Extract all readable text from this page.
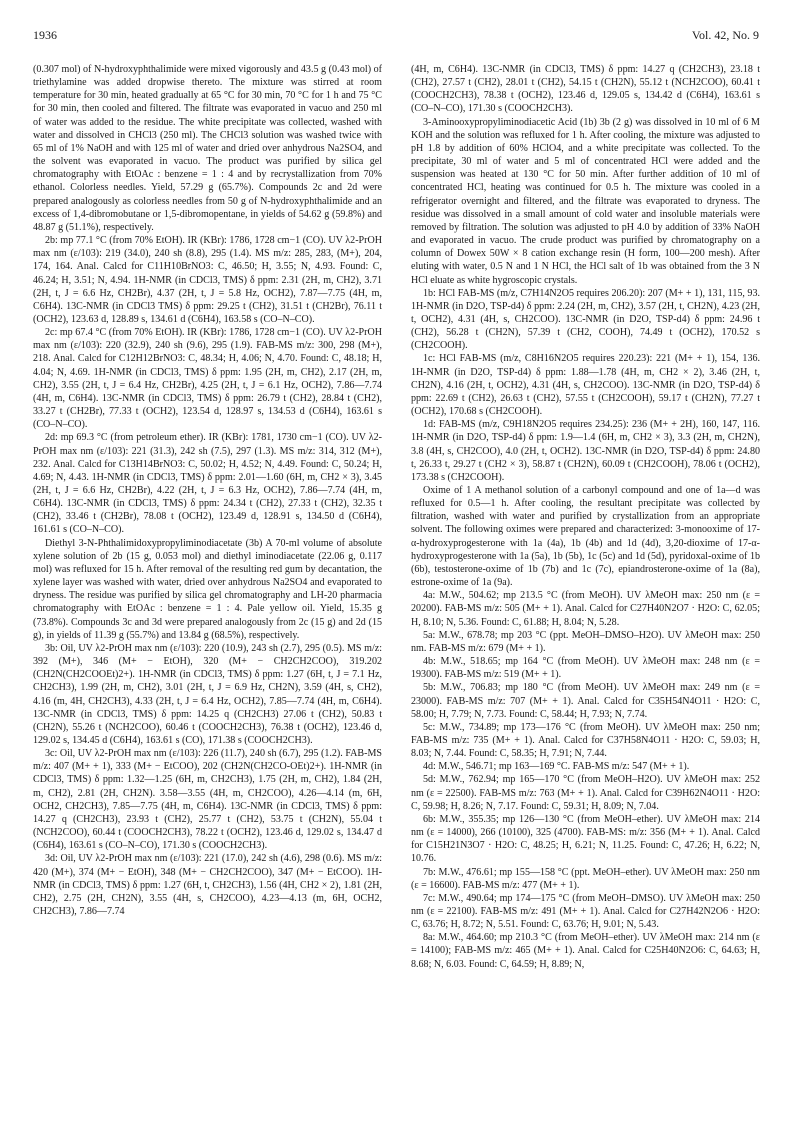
1936	Vol. 42, No. 9

(0.307 mol) of N-hydroxyphthalimide were mixed vigorously and 43.5 g (0.43 mol) of triethylamine was added dropwise thereto. The mixture was stirred at room temperature for 30 min, heated gradually at 65 °C for 30 min, 70 °C for 1 h and 75 °C for 30 min, then cooled and filtered. The filtrate was evaporated in vacuo and 250 ml of water was added to the residue. The white precipitate was collected, washed with water and dissolved in CHCl3 (250 ml). The CHCl3 solution was washed twice with 65 ml of 1% NaOH and with 125 ml of water and dried over anhydrous Na2SO4, and the solvent was evaporated in vacuo. The product was purified by silica gel chromatography with EtOAc : benzene = 1 : 4 and by recrystallization from 70% ethanol. Colorless needles. Yield, 57.29 g (65.7%). Compounds 2c and 2d were prepared analogously as colorless needles from 50 g of N-hydroxyphthalimide and an excess of 1,4-dibromobutane or 1,5-dibromopentane, in yields of 54.62 g (59.8%) and 48.87 g (51.1%), respectively.

2b: mp 77.1 °C (from 70% EtOH). IR (KBr): 1786, 1728 cm−1 (CO). UV λ2-PrOH max nm (ε/103): 219 (34.0), 240 sh (8.8), 295 (1.4). MS m/z: 285, 283, (M+), 204, 174, 164. Anal. Calcd for C11H10BrNO3: C, 46.50; H, 3.55; N, 4.93. Found: C, 46.24; H, 3.51; N, 4.94. 1H-NMR (in CDCl3, TMS) δ ppm: 2.31 (2H, m, CH2), 3.71 (2H, t, J = 6.6 Hz, CH2Br), 4.37 (2H, t, J = 5.8 Hz, OCH2), 7.87—7.75 (4H, m, C6H4). 13C-NMR (in CDCl3 TMS) δ ppm: 29.25 t (CH2), 31.51 t (CH2Br), 76.11 t (OCH2), 123.63 d, 128.89 s, 134.61 d (C6H4), 163.58 s (CO–N–CO).

2c: mp 67.4 °C (from 70% EtOH). IR (KBr): 1786, 1728 cm−1 (CO). UV λ2-PrOH max nm (ε/103): 220 (32.9), 240 sh (9.6), 295 (1.9). FAB-MS m/z: 300, 298 (M+), 218. Anal. Calcd for C12H12BrNO3: C, 48.34; H, 4.06; N, 4.70. Found: C, 48.18; H, 4.04; N, 4.69. 1H-NMR (in CDCl3, TMS) δ ppm: 1.95 (2H, m, CH2), 2.17 (2H, m, CH2), 3.55 (2H, t, J = 6.4 Hz, CH2Br), 4.25 (2H, t, J = 6.1 Hz, OCH2), 7.86—7.74 (4H, m, C6H4). 13C-NMR (in CDCl3, TMS) δ ppm: 26.79 t (CH2), 28.84 t (CH2), 33.27 t (CH2Br), 77.33 t (OCH2), 123.54 d, 128.97 s, 134.53 d (C6H4), 163.61 s (CO–N–CO).

2d: mp 69.3 °C (from petroleum ether). IR (KBr): 1781, 1730 cm−1 (CO). UV λ2-PrOH max nm (ε/103): 221 (31.3), 242 sh (7.5), 297 (1.3). MS m/z: 314, 312 (M+), 232. Anal. Calcd for C13H14BrNO3: C, 50.02; H, 4.52; N, 4.49. Found: C, 50.24; H, 4.69; N, 4.43. 1H-NMR (in CDCl3, TMS) δ ppm: 2.01—1.60 (6H, m, CH2 × 3), 3.45 (2H, t, J = 6.6 Hz, CH2Br), 4.22 (2H, t, J = 6.3 Hz, OCH2), 7.86—7.74 (4H, m, C6H4). 13C-NMR (in CDCl3, TMS) δ ppm: 24.34 t (CH2), 27.33 t (CH2), 32.35 t (CH2), 33.46 t (CH2Br), 78.08 t (OCH2), 123.49 d, 128.91 s, 134.50 d (C6H4), 161.61 s (CO–N–CO).

Diethyl 3-N-Phthalimidoxypropyliminodiacetate (3b) A 70-ml volume of absolute xylene solution of 2b (15 g, 0.053 mol) and diethyl iminodiacetate (22.06 g, 0.117 mol) was refluxed for 15 h. After removal of the resulting red gum by decantation, the xylene layer was washed with water, dried over anhydrous Na2SO4 and evaporated to dryness. The residue was purified by silica gel chromatography and LH-20 pharmacia chromatography with EtOAc : benzene = 1 : 4. Pale yellow oil. Yield, 15.35 g (73.8%). Compounds 3c and 3d were prepared analogously from 2c (15 g) and 2d (15 g), in yields of 11.39 g (55.7%) and 13.84 g (68.5%), respectively.

3b: Oil, UV λ2-PrOH max nm (ε/103): 220 (10.9), 243 sh (2.7), 295 (0.5). MS m/z: 392 (M+), 346 (M+ − EtOH), 320 (M+ − CH2CH2COO), 319.202 (CH2N(CH2COOEt)2+). 1H-NMR (in CDCl3, TMS) δ ppm: 1.27 (6H, t, J = 7.1 Hz, CH2CH3), 1.99 (2H, m, CH2), 3.01 (2H, t, J = 6.9 Hz, CH2N), 3.59 (4H, s, CH2), 4.16 (m, 4H, CH2CH3), 4.33 (2H, t, J = 6.4 Hz, OCH2), 7.85—7.74 (4H, m, C6H4). 13C-NMR (in CDCl3, TMS) δ ppm: 14.25 q (CH2CH3) 27.06 t (CH2), 50.83 t (CH2N), 55.26 t (NCH2COO), 60.46 t (COOCH2CH3), 76.38 t (OCH2), 123.46 d, 129.02 s, 134.45 d (C6H4), 163.61 s (CO), 171.38 s (COOCH2CH3).

3c: Oil, UV λ2-PrOH max nm (ε/103): 226 (11.7), 240 sh (6.7), 295 (1.2). FAB-MS m/z: 407 (M+ + 1), 333 (M+ − EtCOO), 202 (CH2N(CH2CO-OEt)2+). 1H-NMR (in CDCl3, TMS) δ ppm: 1.32—1.25 (6H, m, CH2CH3), 1.75 (2H, m, CH2), 1.84 (2H, m, CH2), 2.81 (2H, CH2N). 3.58—3.55 (4H, m, CH2COO), 4.26—4.14 (m, 6H, OCH2, CH2CH3), 7.85—7.75 (4H, m, C6H4). 13C-NMR (in CDCl3, TMS) δ ppm: 14.27 q (CH2CH3), 23.93 t (CH2), 25.77 t (CH2), 53.75 t (CH2N), 55.04 t (NCH2COO), 60.44 t (COOCH2CH3), 78.22 t (OCH2), 123.46 d, 129.02 s, 134.47 d (C6H4), 163.61 s (CO–N–CO), 171.30 s (COOCH2CH3).

3d: Oil, UV λ2-PrOH max nm (ε/103): 221 (17.0), 242 sh (4.6), 298 (0.6). MS m/z: 420 (M+), 374 (M+ − EtOH), 348 (M+ − CH2CH2COO), 347 (M+ − EtCOO). 1H-NMR (in CDCl3, TMS) δ ppm: 1.27 (6H, t, CH2CH3), 1.56 (4H, CH2 × 2), 1.81 (2H, CH2), 2.75 (2H, CH2N), 3.55 (4H, s, CH2COO), 4.23—4.13 (m, 6H, OCH2, CH2CH3), 7.86—7.74

(4H, m, C6H4). 13C-NMR (in CDCl3, TMS) δ ppm: 14.27 q (CH2CH3), 23.18 t (CH2), 27.57 t (CH2), 28.01 t (CH2), 54.15 t (CH2N), 55.12 t (NCH2COO), 60.41 t (COOCH2CH3), 78.38 t (OCH2), 123.46 d, 129.05 s, 134.42 d (C6H4), 163.61 s (CO–N–CO), 171.30 s (COOCH2CH3).

3-Aminooxypropyliminodiacetic Acid (1b) 3b (2 g) was dissolved in 10 ml of 6 M KOH and the solution was refluxed for 1 h. After cooling, the mixture was adjusted to pH 1.8 by addition of 60% HClO4, and a white precipitate was collected. To the precipitate, 30 ml of water and 5 ml of concentrated HCl were added and the suspension was heated at 130 °C for 50 min. After further addition of 10 ml of concentrated HCl, heating was continued for 0.5 h. The mixture was cooled in a refrigerator overnight and filtered, and the filtrate was evaporated to dryness. The residue was dissolved in a small amount of cold water and insoluble materials were removed by filtration. The solution was adjusted to pH 4.0 by addition of 33% NaOH and evaporated in vacuo. The crude product was purified by chromatography on a column of Dowex 50W × 8 cation exchange resin (H form, 100—200 mesh). After eluting with water, 0.5 N and 1 N HCl, the HCl salt of 1b was obtained from the 3 N HCl eluate as white hygroscopic crystals.

1b: HCl FAB-MS (m/z, C7H14N2O5 requires 206.20): 207 (M+ + 1), 131, 115, 93. 1H-NMR (in D2O, TSP-d4) δ ppm: 2.24 (2H, m, CH2), 3.57 (2H, t, CH2N), 4.23 (2H, t, OCH2), 4.31 (4H, s, CH2COO). 13C-NMR (in D2O, TSP-d4) δ ppm: 24.96 t (CH2), 56.28 t (CH2N), 57.39 t (CH2, COOH), 74.49 t (OCH2), 170.52 s (CH2COOH).

1c: HCl FAB-MS (m/z, C8H16N2O5 requires 220.23): 221 (M+ + 1), 154, 136. 1H-NMR (in D2O, TSP-d4) δ ppm: 1.88—1.78 (4H, m, CH2 × 2), 3.46 (2H, t, CH2N), 4.16 (2H, t, OCH2), 4.31 (4H, s, CH2COO). 13C-NMR (in D2O, TSP-d4) δ ppm: 22.69 t (CH2), 26.63 t (CH2), 57.55 t (CH2COOH), 59.17 t (CH2N), 77.27 t (OCH2), 170.68 s (CH2COOH).

1d: FAB-MS (m/z, C9H18N2O5 requires 234.25): 236 (M+ + 2H), 160, 147, 116. 1H-NMR (in D2O, TSP-d4) δ ppm: 1.9—1.4 (6H, m, CH2 × 3), 3.3 (2H, m, CH2N), 3.8 (4H, s, CH2COO), 4.0 (2H, t, OCH2). 13C-NMR (in D2O, TSP-d4) δ ppm: 24.80 t, 26.33 t, 29.27 t (CH2 × 3), 58.87 t (CH2N), 60.09 t (CH2COOH), 78.06 t (OCH2), 173.38 s (CH2COOH).

Oxime of 1 A methanol solution of a carbonyl compound and one of 1a—d was refluxed for 0.5—1 h. After cooling, the resultant precipitate was collected by filtration, washed with water and purified by crystallization from an appropriate solvent. The following oximes were prepared and characterized: 3-monooxime of 17-α-hydroxyprogesterone with 1a (4a), 1b (4b) and 1d (4d), 3,20-dioxime of 17-α-hydroxyprogesterone with 1a (5a), 1b (5b), 1c (5c) and 1d (5d), pyridoxal-oxime of 1b (6b), testosterone-oxime of 1b (7b) and 1c (7c), epiandrosterone-oxime of 1a (8a), estrone-oxime of 1a (9a).

4a: M.W., 504.62; mp 213.5 °C (from MeOH). UV λMeOH max: 250 nm (ε = 20200). FAB-MS m/z: 505 (M+ + 1). Anal. Calcd for C27H40N2O7 · H2O: C, 62.05; H, 8.10; N, 5.36. Found: C, 61.88; H, 8.04; N, 5.28.

5a: M.W., 678.78; mp 203 °C (ppt. MeOH–DMSO–H2O). UV λMeOH max: 250 nm. FAB-MS m/z: 679 (M+ + 1).

4b: M.W., 518.65; mp 164 °C (from MeOH). UV λMeOH max: 248 nm (ε = 19300). FAB-MS m/z: 519 (M+ + 1).

5b: M.W., 706.83; mp 180 °C (from MeOH). UV λMeOH max: 249 nm (ε = 23000). FAB-MS m/z: 707 (M+ + 1). Anal. Calcd for C35H54N4O11 · H2O: C, 58.00; H, 7.79; N, 7.73. Found: C, 58.44; H, 7.93; N, 7.74.

5c: M.W., 734.89; mp 173—176 °C (from MeOH). UV λMeOH max: 250 nm; FAB-MS m/z: 735 (M+ + 1). Anal. Calcd for C37H58N4O11 · H2O: C, 59.03; H, 8.03; N, 7.44. Found: C, 58.35; H, 7.91; N, 7.44.

4d: M.W., 546.71; mp 163—169 °C. FAB-MS m/z: 547 (M+ + 1).

5d: M.W., 762.94; mp 165—170 °C (from MeOH–H2O). UV λMeOH max: 252 nm (ε = 22500). FAB-MS m/z: 763 (M+ + 1). Anal. Calcd for C39H62N4O11 · H2O: C, 59.98; H, 8.26; N, 7.17. Found: C, 59.31; H, 8.09; N, 7.04.

6b: M.W., 355.35; mp 126—130 °C (from MeOH–ether). UV λMeOH max: 214 nm (ε = 14000), 266 (10100), 325 (4700). FAB-MS: m/z: 356 (M+ + 1). Anal. Calcd for C15H21N3O7 · H2O: C, 48.25; H, 6.21; N, 11.25. Found: C, 47.26; H, 6.22; N, 10.76.

7b: M.W., 476.61; mp 155—158 °C (ppt. MeOH–ether). UV λMeOH max: 250 nm (ε = 16600). FAB-MS m/z: 477 (M+ + 1).

7c: M.W., 490.64; mp 174—175 °C (from MeOH–DMSO). UV λMeOH max: 250 nm (ε = 22100). FAB-MS m/z: 491 (M+ + 1). Anal. Calcd for C27H42N2O6 · H2O: C, 63.76; H, 8.72; N, 5.51. Found: C, 63.76; H, 9.01; N, 5.43.

8a: M.W., 464.60; mp 210.3 °C (from MeOH–ether). UV λMeOH max: 214 nm (ε = 14100); FAB-MS m/z: 465 (M+ + 1). Anal. Calcd for C25H40N2O6: C, 64.63; H, 8.68; N, 6.03. Found: C, 64.59; H, 8.89; N,
